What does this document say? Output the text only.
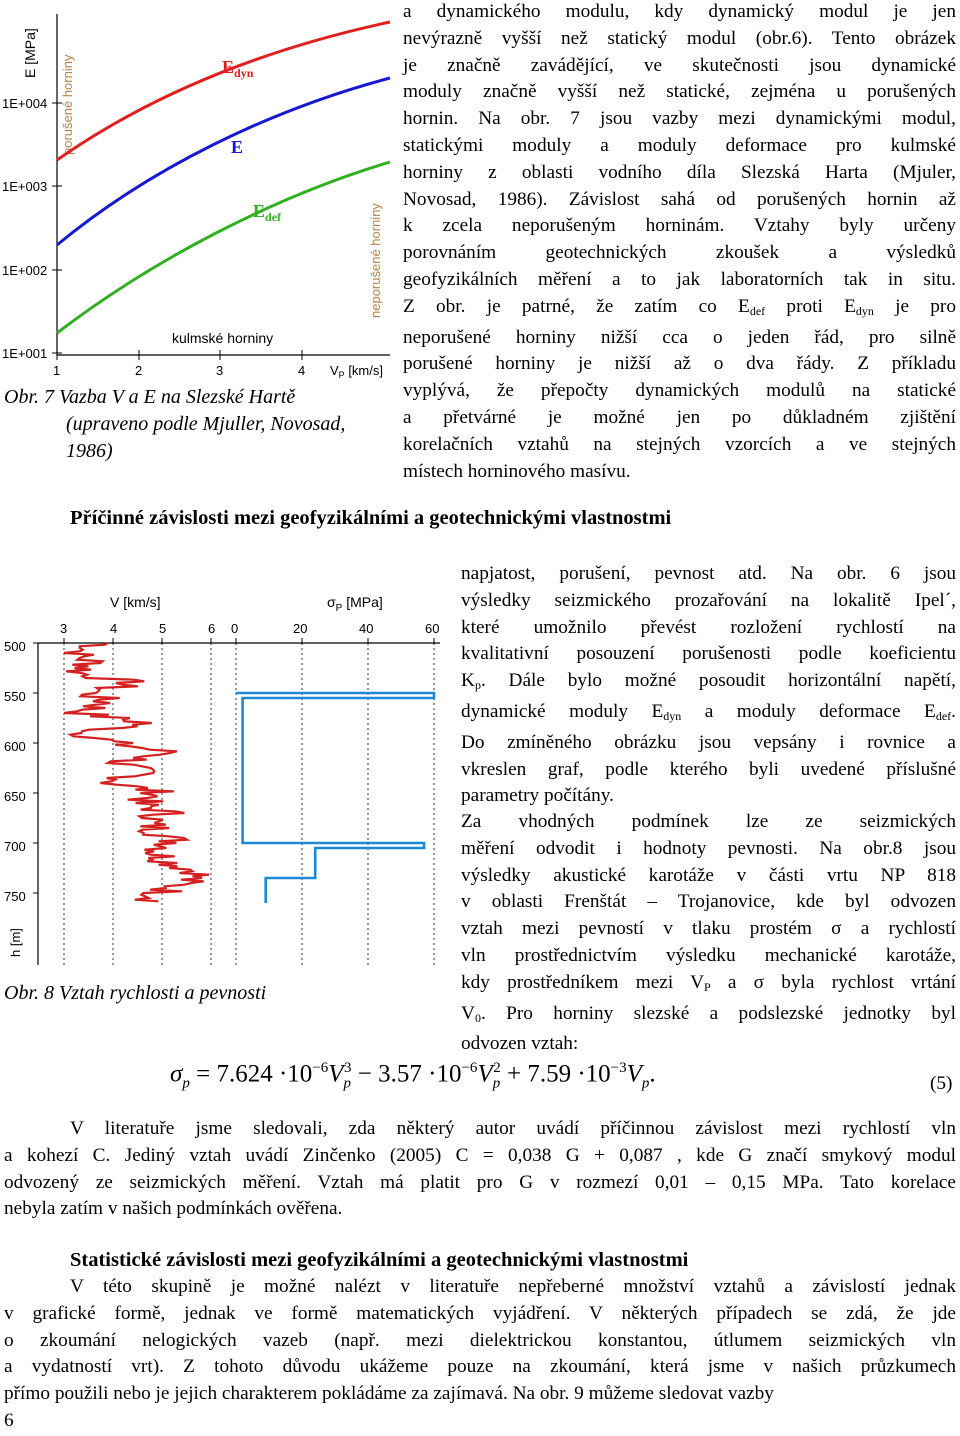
E [MPa]
porušené horniny
neporušené horniny
1E+004
1E+003
1E+002
1E+001
1	2	3	4 $V_P$ [km/s]
kulmské horniny
$E_{dyn}$
E
$E_{def}$
Obr. 7 Vazba V a E na Slezské Hartě
(upraveno podle Mjuller, Novosad,
1986)
a dynamického modulu, kdy dynamický modul je jen
nevýrazně vyšší než statický modul (obr.6). Tento obrázek
je značně zavádějící, ve skutečnosti jsou dynamické
moduly značně vyšší než statické, zejména u porušených
hornin. Na obr. 7 jsou vazby mezi dynamickými modul,
statickými moduly a moduly deformace pro kulmské
horniny z oblasti vodního díla Slezská Harta (Mjuler,
Novosad, 1986). Závislost sahá od porušených hornin až
k zcela neporušeným horninám. Vztahy byly určeny
porovnáním geotechnických zkoušek a výsledků
geofyzikálních měření a to jak laboratorních tak in situ.
Z obr. je patrné, že zatím co $E_{def}$ proti $E_{dyn}$ je pro
neporušené horniny nižší cca o jeden řád, pro silně
porušené horniny je nižší až o dva řády. Z příkladu
vyplývá, že přepočty dynamických modulů na statické
a přetvárné je možné jen po důkladném zjištění
korelačních vztahů na stejných vzorcích a ve stejných
místech horninového masívu.
Příčinné závislosti mezi geofyzikálními a geotechnickými vlastnostmi
napjatost, porušení, pevnost atd. Na obr. 6 jsou
výsledky seizmického prozařování na lokalitě Ipel´,
které umožnilo převést rozložení rychlostí na
kvalitativní posouzení porušenosti podle koeficientu
$K_p$. Dále bylo možné posoudit horizontální napětí,
dynamické moduly $E_{dyn}$ a moduly deformace $E_{def}$.
Do zmíněného obrázku jsou vepsány i rovnice a
vkreslen graf, podle kterého byli uvedené příslušné
parametry počítány.
Za vhodných podmínek lze ze seizmických
měření odvodit i hodnoty pevnosti. Na obr.8 jsou
výsledky akustické karotáže v části vrtu NP 818
v oblasti Frenštát – Trojanovice, kde byl odvozen
vztah mezi pevností v tlaku prostém σ a rychlostí
vln prostřednictvím výsledku mechanické karotáže,
kdy prostředníkem mezi $V_P$ a σ byla rychlost vrtání
$V_0$. Pro horniny slezské a podslezské jednotky byl
odvozen vztah:
V [km/s]	$\sigma_P$ [MPa]
3	4	5	6 0	20	40	60
500
550
600
650
700
750
h [m]
Obr. 8 Vztah rychlosti a pevnosti
$\sigma_p = 7.624 \cdot 10^{-6}V_p^3 - 3.57 \cdot 10^{-6}V_p^2 + 7.59 \cdot 10^{-3}V_p$.	(5)
V literatuře jsme sledovali, zda některý autor uvádí příčinnou závislost mezi rychlostí vln
a kohezí C. Jediný vztah uvádí Zinčenko (2005) C = 0,038 G + 0,087 , kde G značí smykový modul
odvozený ze seizmických měření. Vztah má platit pro G v rozmezí 0,01 – 0,15 MPa. Tato korelace
nebyla zatím v našich podmínkách ověřena.
Statistické závislosti mezi geofyzikálními a geotechnickými vlastnostmi
V této skupině je možné nalézt v literatuře nepřeberné množství vztahů a závislostí jednak
v grafické formě, jednak ve formě matematických vyjádření. V některých případech se zdá, že jde
o zkoumání nelogických vazeb (např. mezi dielektrickou konstantou, útlumem seizmických vln
a vydatností vrt). Z tohoto důvodu ukážeme pouze na zkoumání, která jsme v našich průzkumech
přímo použili nebo je jejich charakterem pokládáme za zajímavá. Na obr. 9 můžeme sledovat vazby
6
